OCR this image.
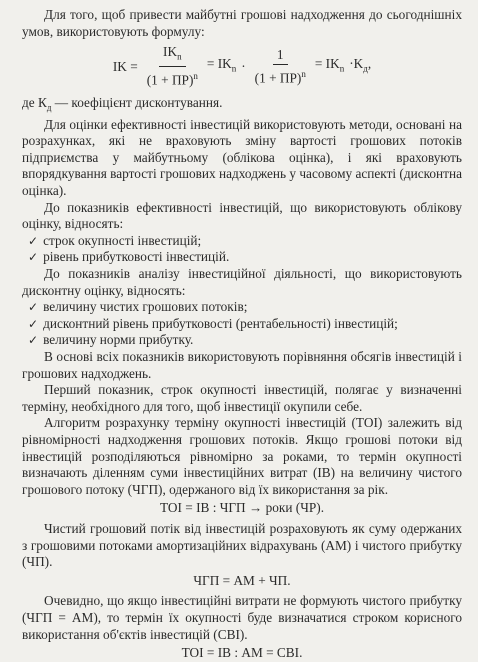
Для того, щоб привести майбутні грошові надходження до сьогоднішніх умов, використовують формулу:

IK = $\frac{IK_n}{(1 + ПР)^n} = IK_n \cdot \frac{1}{(1 + ПР)^n} = IK_n \cdot K_д$,

де $К_д$ — коефіцієнт дисконтування.

Для оцінки ефективності інвестицій використовують методи, основані на розрахунках, які не враховують зміну вартості грошових потоків підприємства у майбутньому (облікова оцінка), і які враховують впорядкування вартості грошових надходжень у часовому аспекті (дисконтна оцінка).

До показників ефективності інвестицій, що використовують облікову оцінку, відносять:

✓ строк окупності інвестицій;
✓ рівень прибутковості інвестицій.

До показників аналізу інвестиційної діяльності, що використовують дисконтну оцінку, відносять:

✓ величину чистих грошових потоків;
✓ дисконтний рівень прибутковості (рентабельності) інвестицій;
✓ величину норми прибутку.

В основі всіх показників використовують порівняння обсягів інвестицій і грошових надходжень.

Перший показник, строк окупності інвестицій, полягає у визначенні терміну, необхідного для того, щоб інвестиції окупили себе.

Алгоритм розрахунку терміну окупності інвестицій (ТОІ) залежить від рівномірності надходження грошових потоків. Якщо грошові потоки від інвестицій розподіляються рівномірно за роками, то термін окупності визначають діленням суми інвестиційних витрат (ІВ) на величину чистого грошового потоку (ЧГП), одержаного від їх використання за рік.

ТОІ = ІВ : ЧГП → роки (ЧР).

Чистий грошовий потік від інвестицій розраховують як суму одержаних з грошовими потоками амортизаційних відрахувань (АМ) і чистого прибутку (ЧП).

ЧГП = АМ + ЧП.

Очевидно, що якщо інвестиційні витрати не формують чистого прибутку (ЧГП = АМ), то термін їх окупності буде визначатися строком корисного використання об'єктів інвестицій (СВІ).

ТОІ = ІВ : АМ = СВІ.
